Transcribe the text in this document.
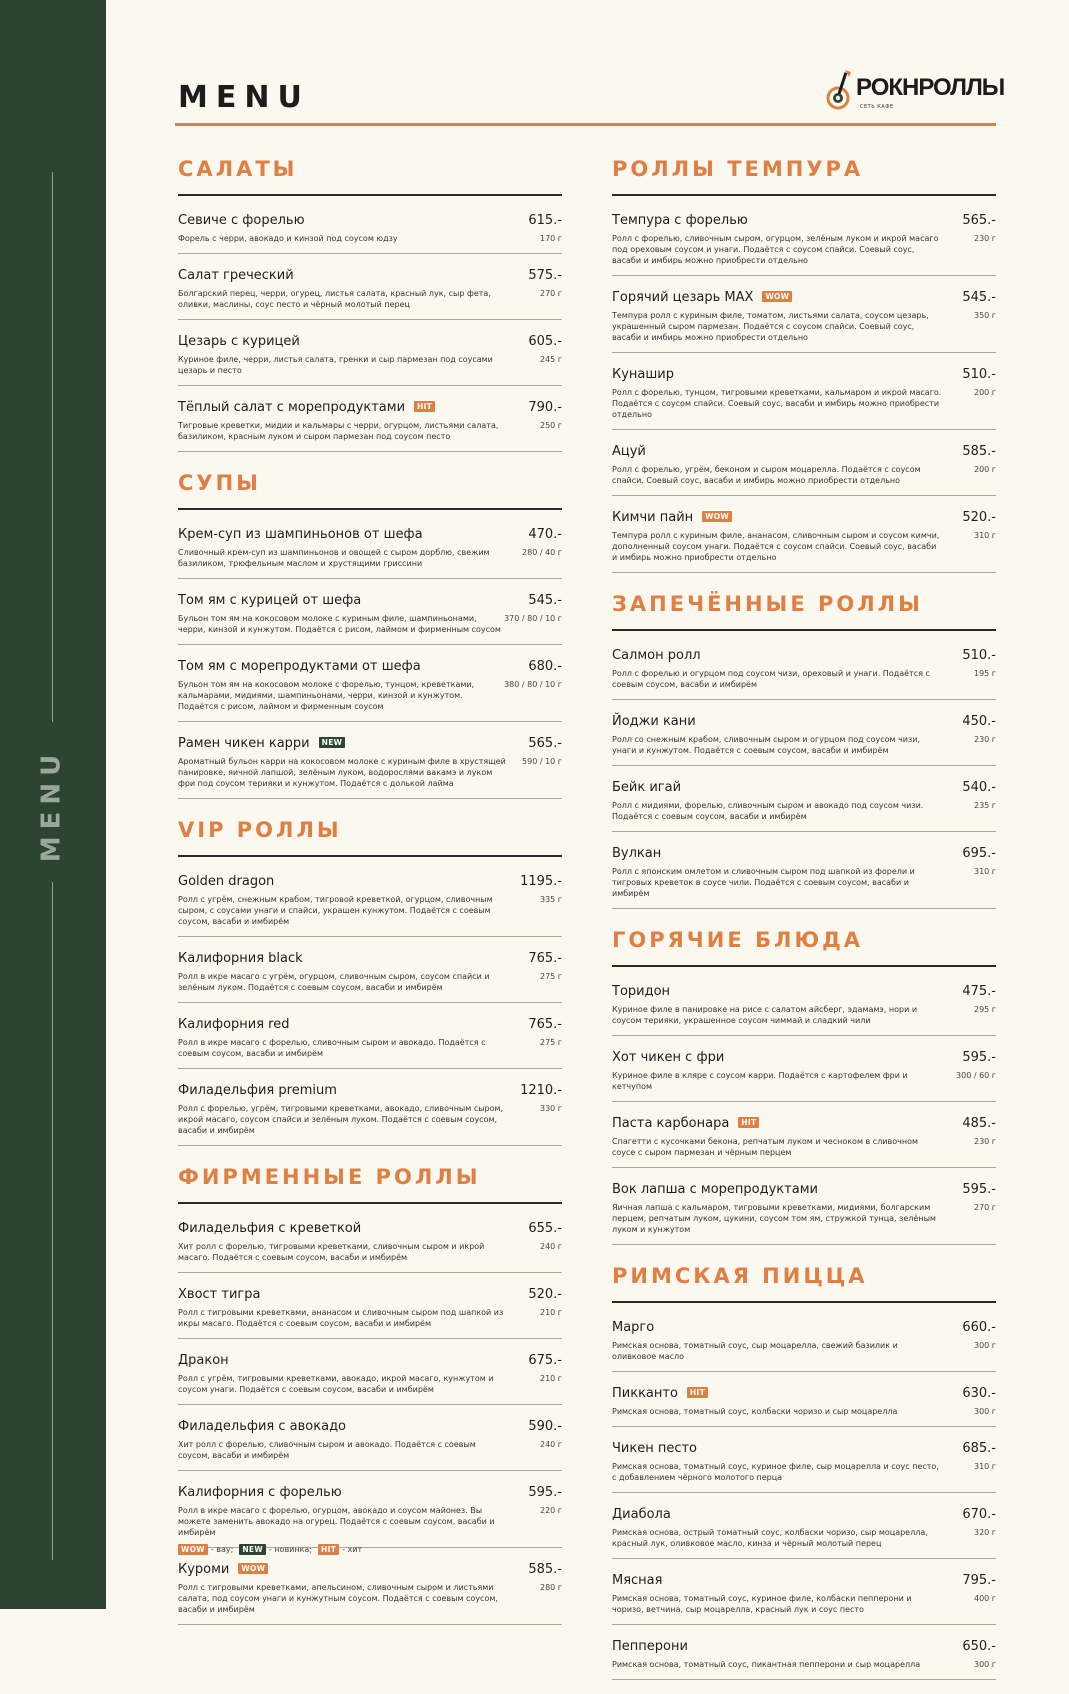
MENU
MENU	РОКНРОЛЛЫ
СЕТЬ КАФЕ
САЛАТЫ
Севиче с форелью	615.-
Форель с черри, авокадо и кинзой под соусом юдзу	170 г
Салат греческий	575.-
Болгарский перец, черри, огурец, листья салата, красный лук, сыр фета, оливки, маслины, соус песто и чёрный молотый перец
270 г
Цезарь с курицей	605.-
Куриное филе, черри, листья салата, гренки и сыр пармезан под соусами цезарь и песто
245 г
Тёплый салат с морепродуктами HIT	790.-
Тигровые креветки, мидии и кальмары с черри, огурцом, листьями салата, базиликом, красным луком и сыром пармезан под соусом песто
250 г
СУПЫ
Крем-суп из шампиньонов от шефа	470.-
Сливочный крем-суп из шампиньонов и овощей с сыром дорблю, свежим базиликом, трюфельным маслом и хрустящими гриссини
280 / 40 г
Том ям с курицей от шефа	545.-
Бульон том ям на кокосовом молоке с куриным филе, шампиньонами, черри, кинзой и кунжутом. Подаётся с рисом, лаймом и фирменным соусом
370 / 80 / 10 г
Том ям с морепродуктами от шефа	680.-
Бульон том ям на кокосовом молоке с форелью, тунцом, креветками, кальмарами, мидиями, шампиньонами, черри, кинзой и кунжутом. Подаётся с рисом, лаймом и фирменным соусом
380 / 80 / 10 г
Рамен чикен карри NEW	565.-
Ароматный бульон карри на кокосовом молоке с куриным филе в хрустящей панировке, яичной лапшой, зелёным луком, водорослями вакамэ и луком фри под соусом терияки и кунжутом. Подаётся с долькой лайма
590 / 10 г
VIP РОЛЛЫ
Golden dragon	1195.-
Ролл с угрём, снежным крабом, тигровой креветкой, огурцом, сливочным сыром, с соусами унаги и спайси, украшен кунжутом. Подаётся с соевым соусом, васаби и имбирём
335 г
Калифорния black	765.-
Ролл в икре масаго с угрём, огурцом, сливочным сыром, соусом спайси и зелёным луком. Подаётся с соевым соусом, васаби и имбирём
275 г
Калифорния red	765.-
Ролл в икре масаго с форелью, сливочным сыром и авокадо. Подаётся с соевым соусом, васаби и имбирём
275 г
Филадельфия premium	1210.-
Ролл с форелью, угрём, тигровыми креветками, авокадо, сливочным сыром, икрой масаго, соусом спайси и зелёным луком. Подаётся с соевым соусом, васаби и имбирём
330 г
ФИРМЕННЫЕ РОЛЛЫ
Филадельфия с креветкой	655.-
Хит ролл с форелью, тигровыми креветками, сливочным сыром и икрой масаго. Подаётся с соевым соусом, васаби и имбирём
240 г
Хвост тигра	520.-
Ролл с тигровыми креветками, ананасом и сливочным сыром под шапкой из икры масаго. Подаётся с соевым соусом, васаби и имбирём
210 г
Дракон	675.-
Ролл с угрём, тигровыми креветками, авокадо, икрой масаго, кунжутом и соусом унаги. Подаётся с соевым соусом, васаби и имбирём
210 г
Филадельфия с авокадо	590.-
Хит ролл с форелью, сливочным сыром и авокадо. Подаётся с соевым соусом, васаби и имбирём
240 г
Калифорния с форелью	595.-
Ролл в икре масаго с форелью, огурцом, авокадо и соусом майонез. Вы можете заменить авокадо на огурец. Подаётся с соевым соусом, васаби и имбирём
220 г
Куроми WOW	585.-
Ролл с тигровыми креветками, апельсином, сливочным сыром и листьями салата, под соусом унаги и кунжутным соусом. Подаётся с соевым соусом, васаби и имбирём
280 г
РОЛЛЫ ТЕМПУРА
Темпура с форелью	565.-
Ролл с форелью, сливочным сыром, огурцом, зелёным луком и икрой масаго под ореховым соусом и унаги. Подаётся с соусом спайси. Соевый соус, васаби и имбирь можно приобрести отдельно
230 г
Горячий цезарь MAX WOW	545.-
Темпура ролл с куриным филе, томатом, листьями салата, соусом цезарь, украшенный сыром пармезан. Подаётся с соусом спайси. Соевый соус, васаби и имбирь можно приобрести отдельно
350 г
Кунашир	510.-
Ролл с форелью, тунцом, тигровыми креветками, кальмаром и икрой масаго. Подаётся с соусом спайси. Соевый соус, васаби и имбирь можно приобрести отдельно
200 г
Ацуй	585.-
Ролл с форелью, угрём, беконом и сыром моцарелла. Подаётся с соусом спайси. Соевый соус, васаби и имбирь можно приобрести отдельно
200 г
Кимчи пайн WOW	520.-
Темпура ролл с куриным филе, ананасом, сливочным сыром и соусом кимчи, дополненный соусом унаги. Подаётся с соусом спайси. Соевый соус, васаби и имбирь можно приобрести отдельно
310 г
ЗАПЕЧЁННЫЕ РОЛЛЫ
Салмон ролл	510.-
Ролл с форелью и огурцом под соусом чизи, ореховый и унаги. Подаётся с соевым соусом, васаби и имбирём
195 г
Йоджи кани	450.-
Ролл со снежным крабом, сливочным сыром и огурцом под соусом чизи, унаги и кунжутом. Подаётся с соевым соусом, васаби и имбирём
230 г
Бейк игай	540.-
Ролл с мидиями, форелью, сливочным сыром и авокадо под соусом чизи. Подаётся с соевым соусом, васаби и имбирём
235 г
Вулкан	695.-
Ролл с японским омлетом и сливочным сыром под шапкой из форели и тигровых креветок в соусе чили. Подаётся с соевым соусом, васаби и имбирём
310 г
ГОРЯЧИЕ БЛЮДА
Торидон	475.-
Куриное филе в панировке на рисе с салатом айсберг, эдамамэ, нори и соусом терияки, украшенное соусом чиммай и сладкий чили
295 г
Хот чикен с фри	595.-
Куриное филе в кляре с соусом карри. Подаётся с картофелем фри и кетчупом
300 / 60 г
Паста карбонара HIT	485.-
Спагетти с кусочками бекона, репчатым луком и чесноком в сливочном соусе с сыром пармезан и чёрным перцем
230 г
Вок лапша с морепродуктами	595.-
Яичная лапша с кальмаром, тигровыми креветками, мидиями, болгарским перцем, репчатым луком, цукини, соусом том ям, стружкой тунца, зелёным луком и кунжутом
270 г
РИМСКАЯ ПИЦЦА
Марго	660.-
Римская основа, томатный соус, сыр моцарелла, свежий базилик и оливковое масло
300 г
Пикканто HIT	630.-
Римская основа, томатный соус, колбаски чоризо и сыр моцарелла	300 г
Чикен песто	685.-
Римская основа, томатный соус, куриное филе, сыр моцарелла и соус песто, с добавлением чёрного молотого перца
310 г
Диабола	670.-
Римская основа, острый томатный соус, колбаски чоризо, сыр моцарелла, красный лук, оливковое масло, кинза и чёрный молотый перец
320 г
Мясная	795.-
Римская основа, томатный соус, куриное филе, колбаски пепперони и чоризо, ветчина, сыр моцарелла, красный лук и соус песто
400 г
Пепперони	650.-
Римская основа, томатный соус, пикантная пепперони и сыр моцарелла	300 г
WOW - вау;	NEW - новинка;	HIT - хит
